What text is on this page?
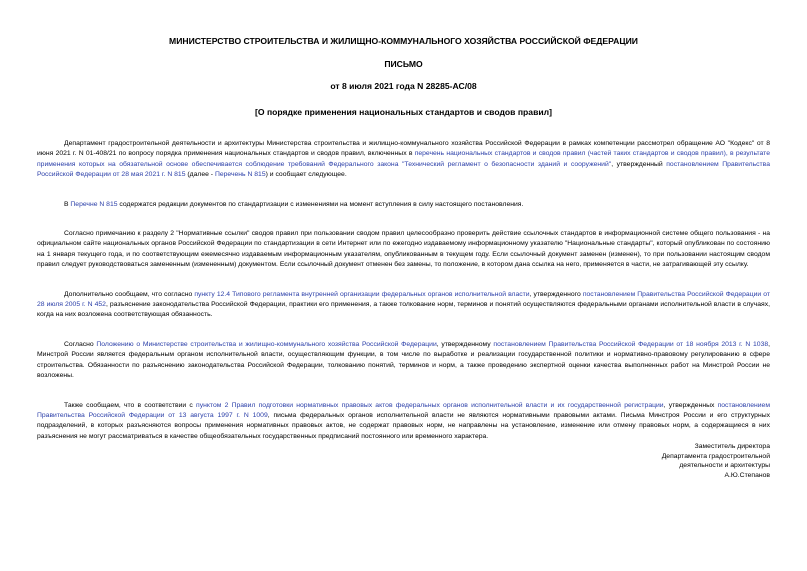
МИНИСТЕРСТВО СТРОИТЕЛЬСТВА И ЖИЛИЩНО-КОММУНАЛЬНОГО ХОЗЯЙСТВА РОССИЙСКОЙ ФЕДЕРАЦИИ

ПИСЬМО

от 8 июля 2021 года N 28285-АС/08

[О порядке применения национальных стандартов и сводов правил]

Департамент градостроительной деятельности и архитектуры Министерства строительства и жилищно-коммунального хозяйства Российской Федерации в рамках компетенции рассмотрел обращение АО "Кодекс" от 8 июня 2021 г. N 01-408/21 по вопросу порядка применения национальных стандартов и сводов правил, включенных в перечень национальных стандартов и сводов правил (частей таких стандартов и сводов правил), в результате применения которых на обязательной основе обеспечивается соблюдение требований Федерального закона "Технический регламент о безопасности зданий и сооружений", утвержденный постановлением Правительства Российской Федерации от 28 мая 2021 г. N 815 (далее - Перечень N 815) и сообщает следующее.

В Перечне N 815 содержатся редакции документов по стандартизации с изменениями на момент вступления в силу настоящего постановления.

Согласно примечанию к разделу 2 "Нормативные ссылки" сводов правил при пользовании сводом правил целесообразно проверить действие ссылочных стандартов в информационной системе общего пользования - на официальном сайте национальных органов Российской Федерации по стандартизации в сети Интернет или по ежегодно издаваемому информационному указателю "Национальные стандарты", который опубликован по состоянию на 1 января текущего года, и по соответствующим ежемесячно издаваемым информационным указателям, опубликованным в текущем году. Если ссылочный документ заменен (изменен), то при пользовании настоящим сводом правил следует руководствоваться замененным (измененным) документом. Если ссылочный документ отменен без замены, то положение, в котором дана ссылка на него, применяется в части, не затрагивающей эту ссылку.

Дополнительно сообщаем, что согласно пункту 12.4 Типового регламента внутренней организации федеральных органов исполнительной власти, утвержденного постановлением Правительства Российской Федерации от 28 июля 2005 г. N 452, разъяснение законодательства Российской Федерации, практики его применения, а также толкование норм, терминов и понятий осуществляются федеральными органами исполнительной власти в случаях, когда на них возложена соответствующая обязанность.

Согласно Положению о Министерстве строительства и жилищно-коммунального хозяйства Российской Федерации, утвержденному постановлением Правительства Российской Федерации от 18 ноября 2013 г. N 1038, Минстрой России является федеральным органом исполнительной власти, осуществляющим функции, в том числе по выработке и реализации государственной политики и нормативно-правовому регулированию в сфере строительства. Обязанности по разъяснению законодательства Российской Федерации, толкованию понятий, терминов и норм, а также проведению экспертной оценки качества выполненных работ на Минстрой России не возложены.

Также сообщаем, что в соответствии с пунктом 2 Правил подготовки нормативных правовых актов федеральных органов исполнительной власти и их государственной регистрации, утвержденных постановлением Правительства Российской Федерации от 13 августа 1997 г. N 1009, письма федеральных органов исполнительной власти не являются нормативными правовыми актами. Письма Минстроя России и его структурных подразделений, в которых разъясняются вопросы применения нормативных правовых актов, не содержат правовых норм, не направлены на установление, изменение или отмену правовых норм, а содержащиеся в них разъяснения не могут рассматриваться в качестве общеобязательных государственных предписаний постоянного или временного характера.

Заместитель директора
Департамента градостроительной
деятельности и архитектуры
А.Ю.Степанов
